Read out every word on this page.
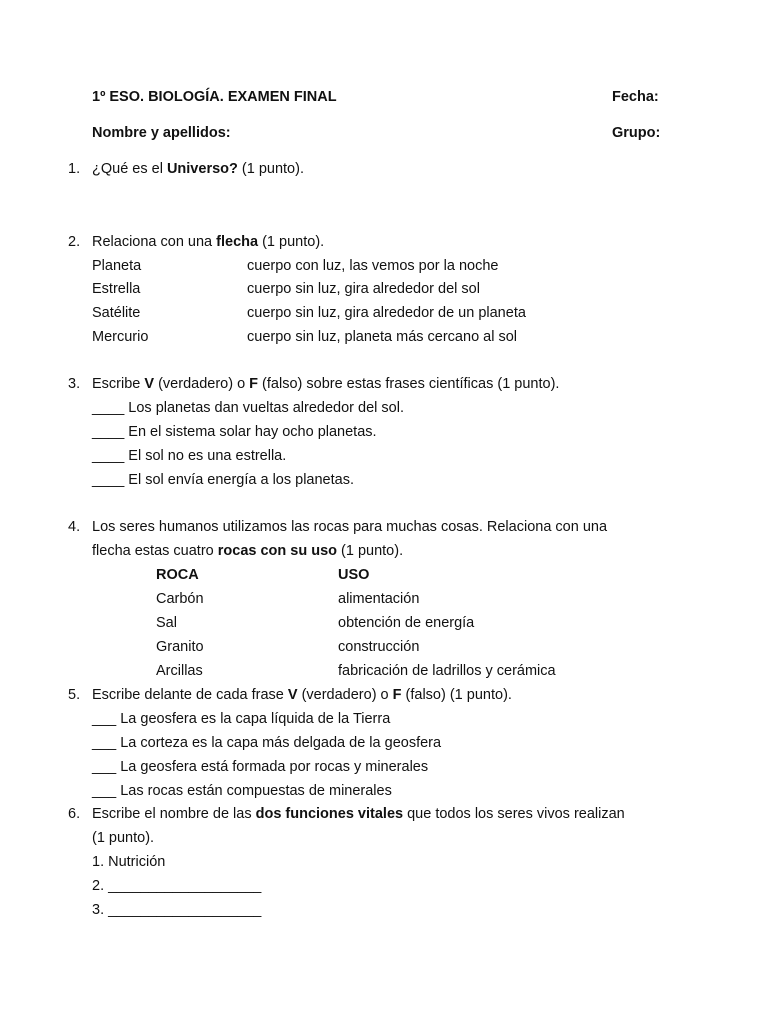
1º ESO. BIOLOGÍA. EXAMEN FINAL	Fecha:
Nombre y apellidos:	Grupo:
1. ¿Qué es el Universo? (1 punto).
2. Relaciona con una flecha (1 punto).
Planeta	cuerpo con luz, las vemos por la noche
Estrella	cuerpo sin luz, gira alrededor del sol
Satélite	cuerpo sin luz, gira alrededor de un planeta
Mercurio	cuerpo sin luz, planeta más cercano al sol
3. Escribe V (verdadero) o F (falso) sobre estas frases científicas (1 punto).
____ Los planetas dan vueltas alrededor del sol.
____ En el sistema solar hay ocho planetas.
____ El sol no es una estrella.
____ El sol envía energía a los planetas.
4. Los seres humanos utilizamos las rocas para muchas cosas. Relaciona con una
flecha estas cuatro rocas con su uso (1 punto).
ROCA	USO
Carbón	alimentación
Sal	obtención de energía
Granito	construcción
Arcillas	fabricación de ladrillos y cerámica
5. Escribe delante de cada frase V (verdadero) o F (falso) (1 punto).
___ La geosfera es la capa líquida de la Tierra
___ La corteza es la capa más delgada de la geosfera
___ La geosfera está formada por rocas y minerales
___ Las rocas están compuestas de minerales
6. Escribe el nombre de las dos funciones vitales que todos los seres vivos realizan
(1 punto).
1. Nutrición
2. ___________________
3. ___________________
